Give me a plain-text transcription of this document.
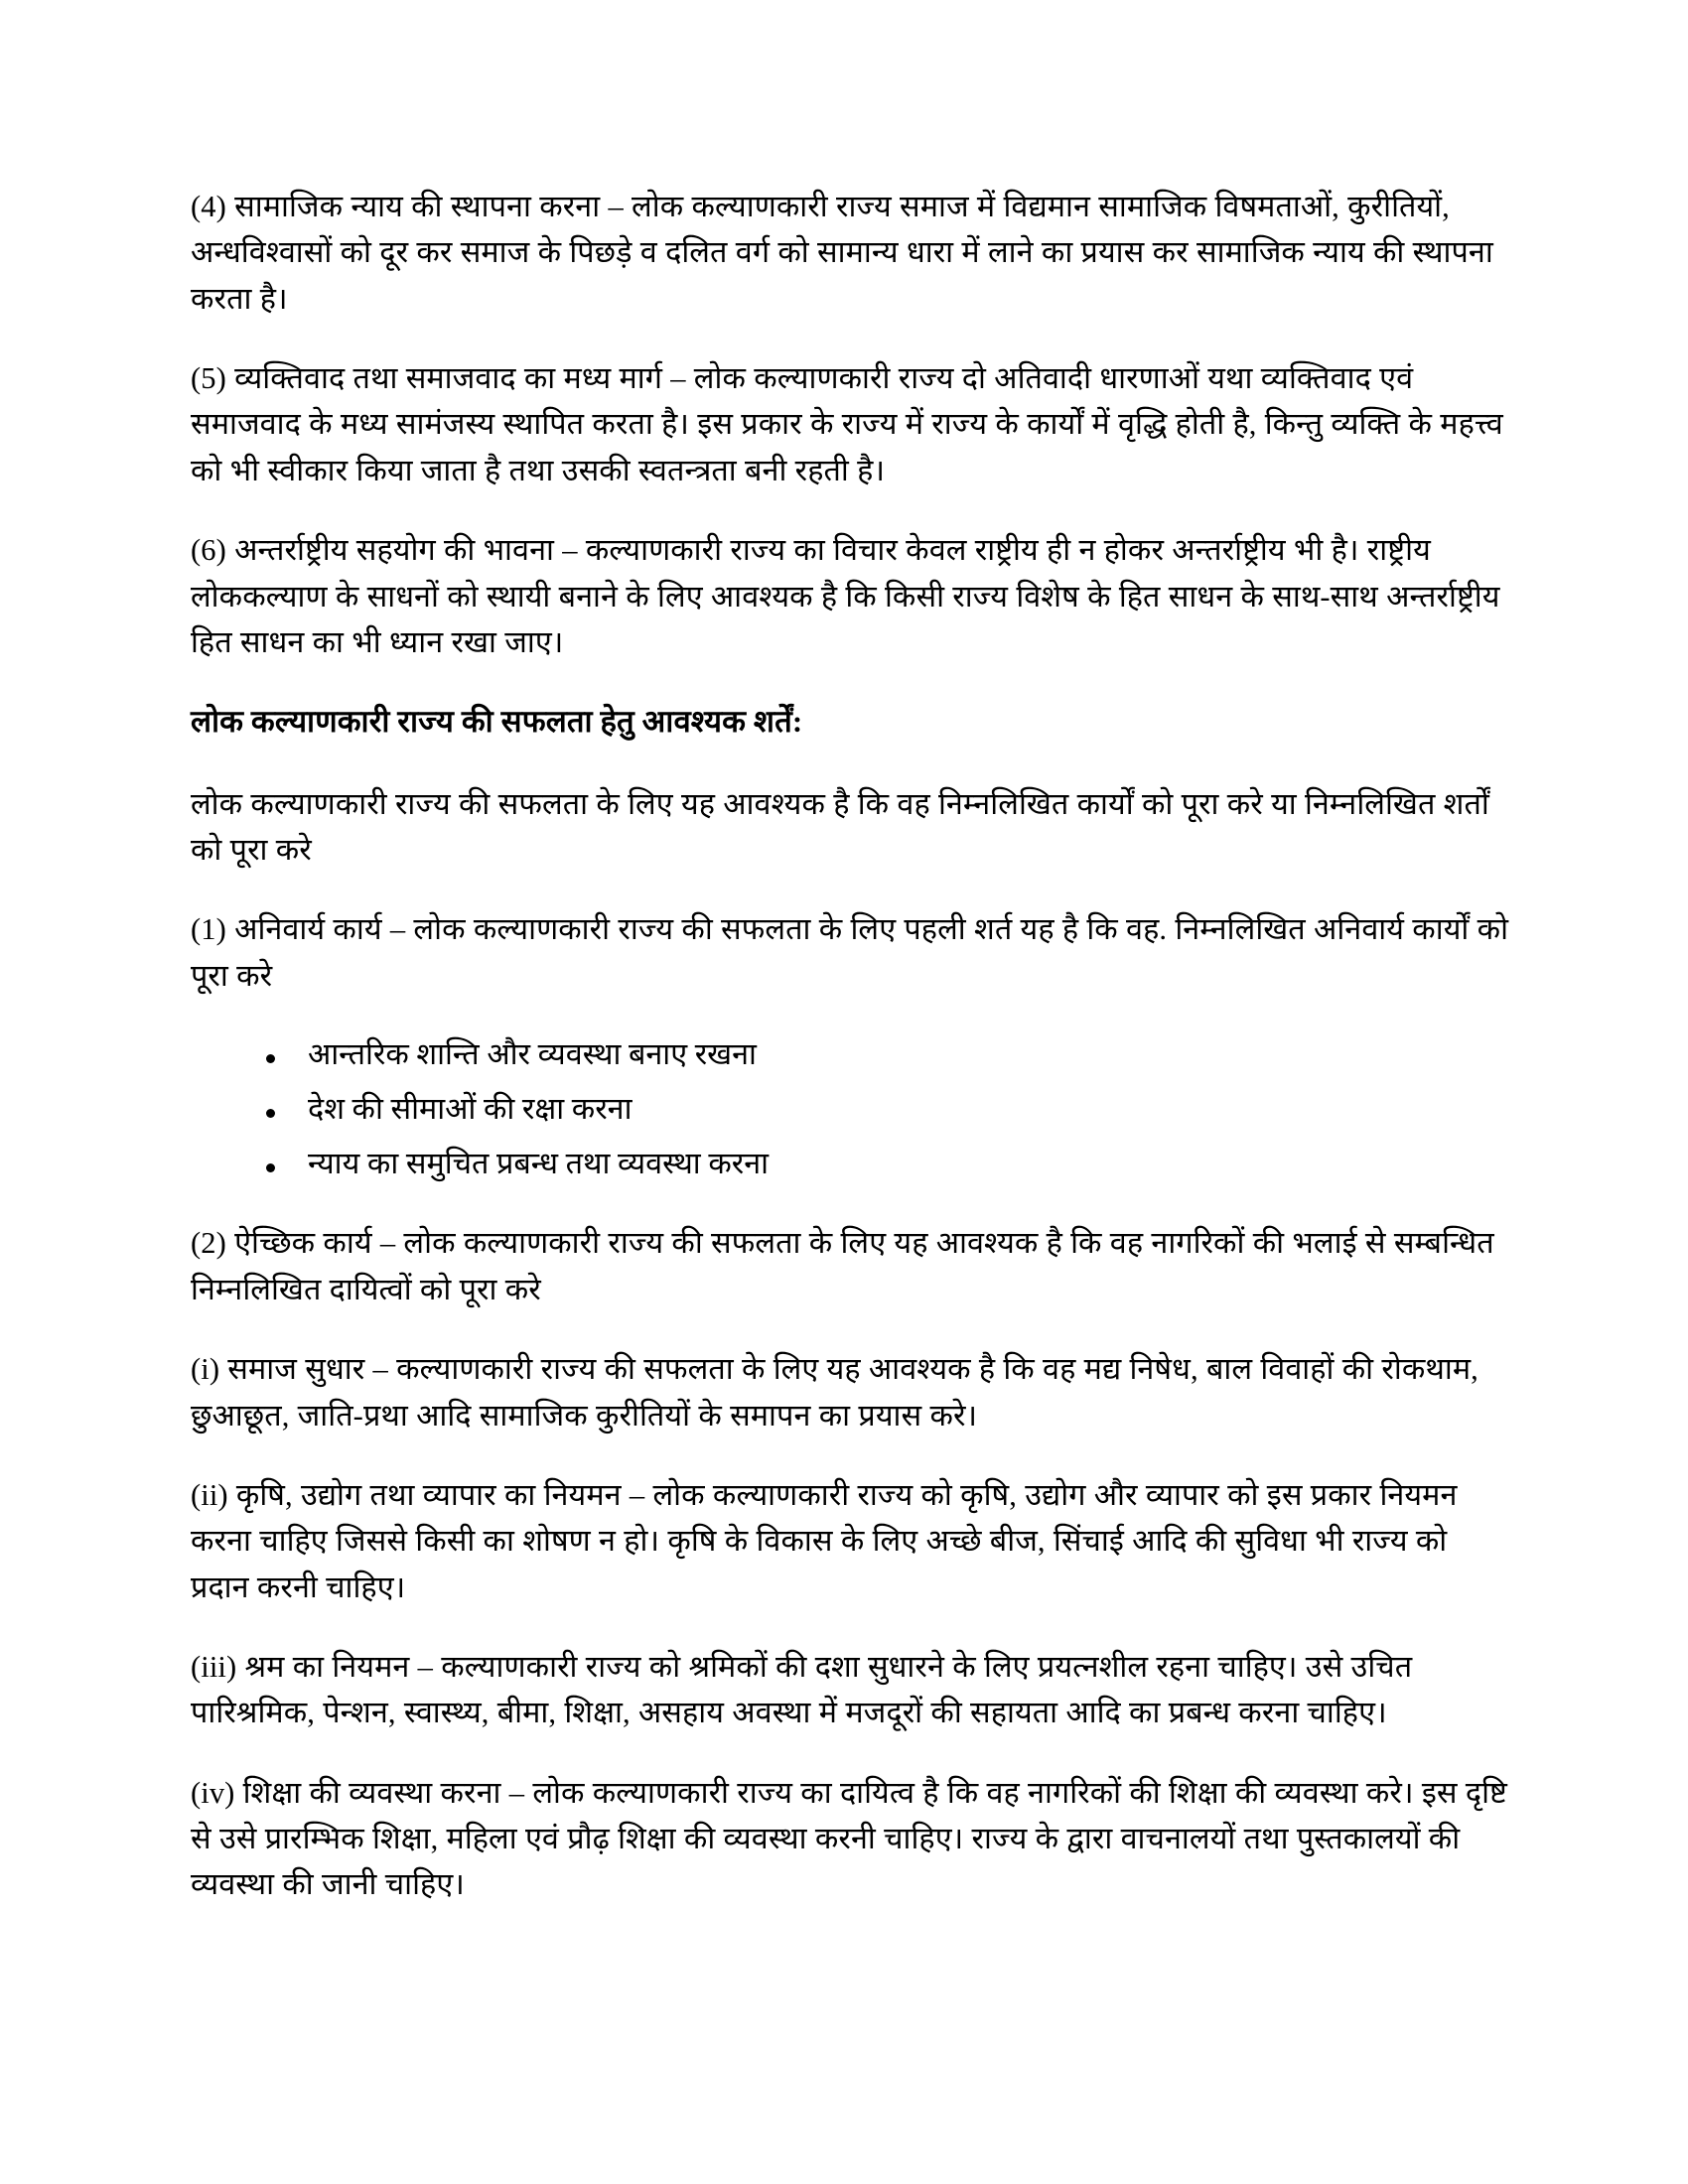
(4) सामाजिक न्याय की स्थापना करना – लोक कल्याणकारी राज्य समाज में विद्यमान सामाजिक विषमताओं, कुरीतियों, अन्धविश्वासों को दूर कर समाज के पिछड़े व दलित वर्ग को सामान्य धारा में लाने का प्रयास कर सामाजिक न्याय की स्थापना करता है।

(5) व्यक्तिवाद तथा समाजवाद का मध्य मार्ग – लोक कल्याणकारी राज्य दो अतिवादी धारणाओं यथा व्यक्तिवाद एवं समाजवाद के मध्य सामंजस्य स्थापित करता है। इस प्रकार के राज्य में राज्य के कार्यों में वृद्धि होती है, किन्तु व्यक्ति के महत्त्व को भी स्वीकार किया जाता है तथा उसकी स्वतन्त्रता बनी रहती है।

(6) अन्तर्राष्ट्रीय सहयोग की भावना – कल्याणकारी राज्य का विचार केवल राष्ट्रीय ही न होकर अन्तर्राष्ट्रीय भी है। राष्ट्रीय लोककल्याण के साधनों को स्थायी बनाने के लिए आवश्यक है कि किसी राज्य विशेष के हित साधन के साथ-साथ अन्तर्राष्ट्रीय हित साधन का भी ध्यान रखा जाए।

लोक कल्याणकारी राज्य की सफलता हेतु आवश्यक शर्तें:

लोक कल्याणकारी राज्य की सफलता के लिए यह आवश्यक है कि वह निम्नलिखित कार्यों को पूरा करे या निम्नलिखित शर्तों को पूरा करे

(1) अनिवार्य कार्य – लोक कल्याणकारी राज्य की सफलता के लिए पहली शर्त यह है कि वह. निम्नलिखित अनिवार्य कार्यों को पूरा करे

आन्तरिक शान्ति और व्यवस्था बनाए रखना
देश की सीमाओं की रक्षा करना
न्याय का समुचित प्रबन्ध तथा व्यवस्था करना

(2) ऐच्छिक कार्य – लोक कल्याणकारी राज्य की सफलता के लिए यह आवश्यक है कि वह नागरिकों की भलाई से सम्बन्धित निम्नलिखित दायित्वों को पूरा करे

(i) समाज सुधार – कल्याणकारी राज्य की सफलता के लिए यह आवश्यक है कि वह मद्य निषेध, बाल विवाहों की रोकथाम, छुआछूत, जाति-प्रथा आदि सामाजिक कुरीतियों के समापन का प्रयास करे।

(ii) कृषि, उद्योग तथा व्यापार का नियमन – लोक कल्याणकारी राज्य को कृषि, उद्योग और व्यापार को इस प्रकार नियमन करना चाहिए जिससे किसी का शोषण न हो। कृषि के विकास के लिए अच्छे बीज, सिंचाई आदि की सुविधा भी राज्य को प्रदान करनी चाहिए।

(iii) श्रम का नियमन – कल्याणकारी राज्य को श्रमिकों की दशा सुधारने के लिए प्रयत्नशील रहना चाहिए। उसे उचित पारिश्रमिक, पेन्शन, स्वास्थ्य, बीमा, शिक्षा, असहाय अवस्था में मजदूरों की सहायता आदि का प्रबन्ध करना चाहिए।

(iv) शिक्षा की व्यवस्था करना – लोक कल्याणकारी राज्य का दायित्व है कि वह नागरिकों की शिक्षा की व्यवस्था करे। इस दृष्टि से उसे प्रारम्भिक शिक्षा, महिला एवं प्रौढ़ शिक्षा की व्यवस्था करनी चाहिए। राज्य के द्वारा वाचनालयों तथा पुस्तकालयों की व्यवस्था की जानी चाहिए।
